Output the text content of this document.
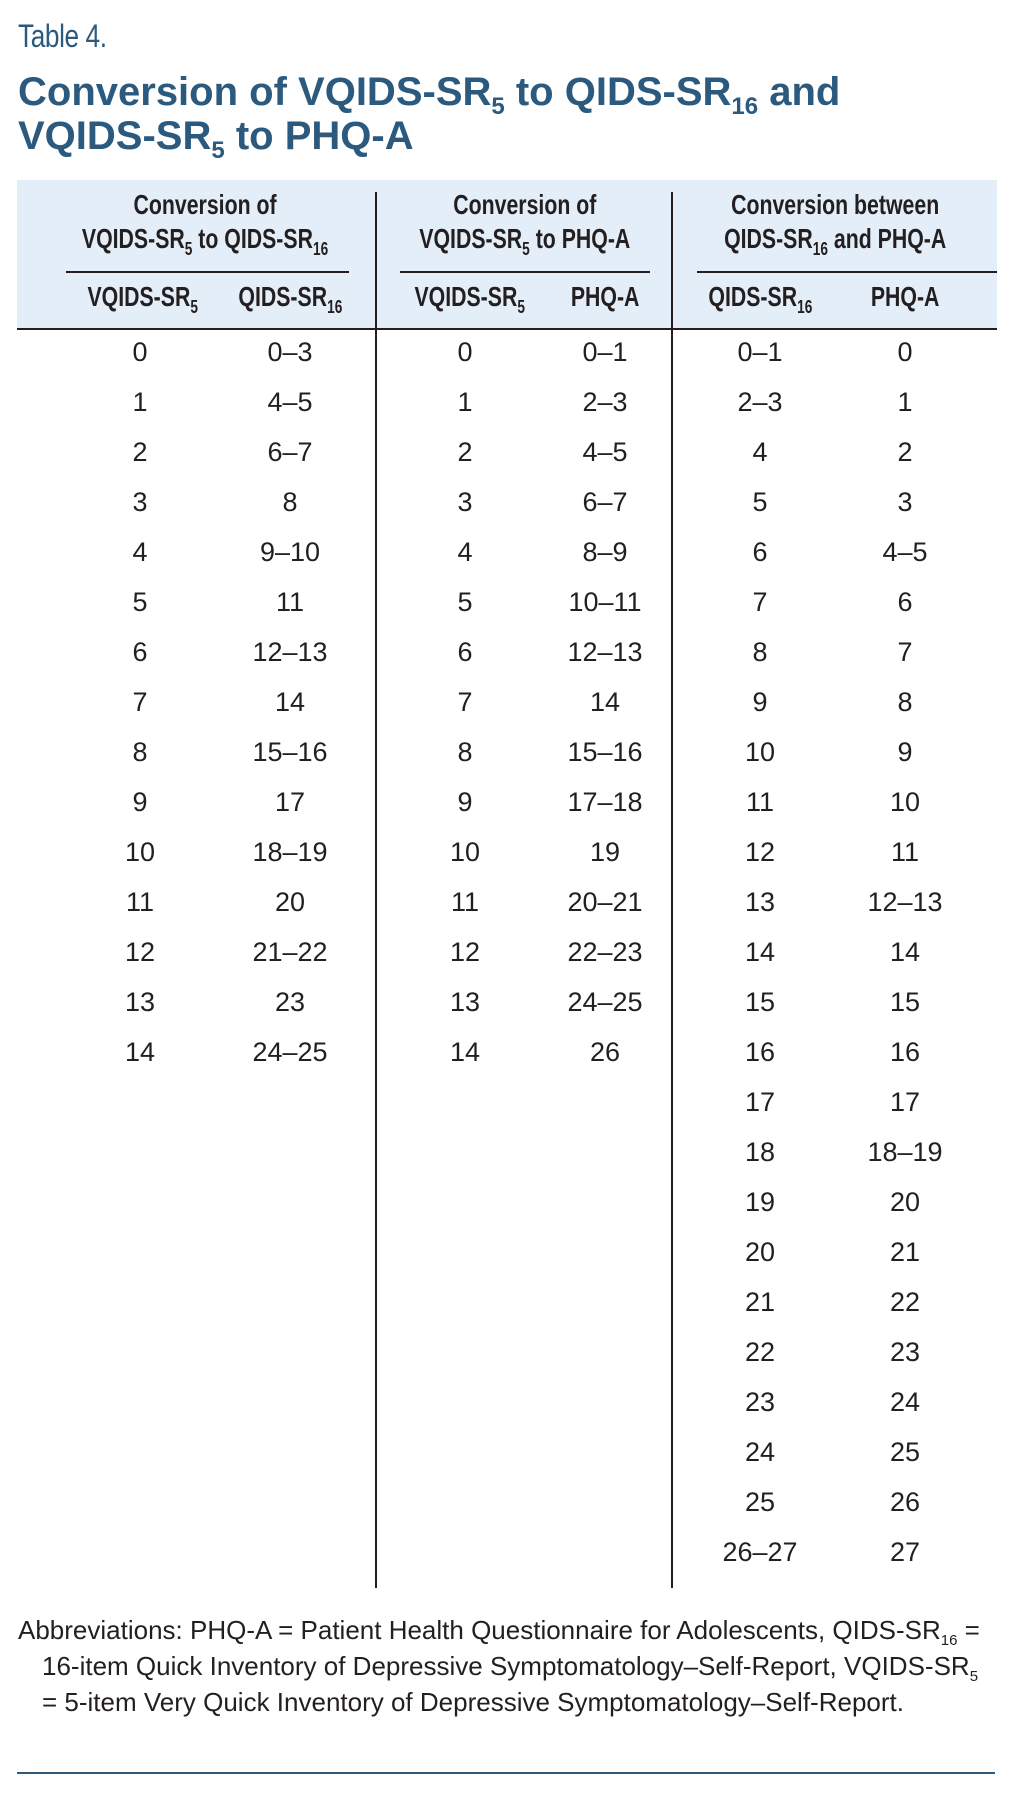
Table 4.
Conversion of VQIDS-$SR_5$ to QIDS-$SR_{16}$ and
VQIDS-$SR_5$ to PHQ-A
Conversion of
VQIDS-$SR_5$ to QIDS-$SR_{16}$
Conversion of
VQIDS-$SR_5$ to PHQ-A
Conversion between
QIDS-$SR_{16}$ and PHQ-A
VQIDS-$SR_5$	QIDS-$SR_{16}$	VQIDS-$SR_5$	PHQ-A	QIDS-$SR_{16}$	PHQ-A
0	0–3
1	4–5
2	6–7
3	8
4	9–10
5	11
6	12–13
7	14
8	15–16
9	17
10	18–19
11	20
12	21–22
13	23
14	24–25
0	0–1
1	2–3
2	4–5
3	6–7
4	8–9
5	10–11
6	12–13
7	14
8	15–16
9	17–18
10	19
11	20–21
12	22–23
13	24–25
14	26
0–1	0
2–3	1
4	2
5	3
6	4–5
7	6
8	7
9	8
10	9
11	10
12	11
13	12–13
14	14
15	15
16	16
17	17
18	18–19
19	20
20	21
21	22
22	23
23	24
24	25
25	26
26–27	27
Abbreviations: PHQ-A = Patient Health Questionnaire for Adolescents, QIDS-$SR_{16}$ = 16-item Quick Inventory of Depressive Symptomatology–Self-Report, VQIDS-$SR_5$ = 5-item Very Quick Inventory of Depressive Symptomatology–Self-Report.
